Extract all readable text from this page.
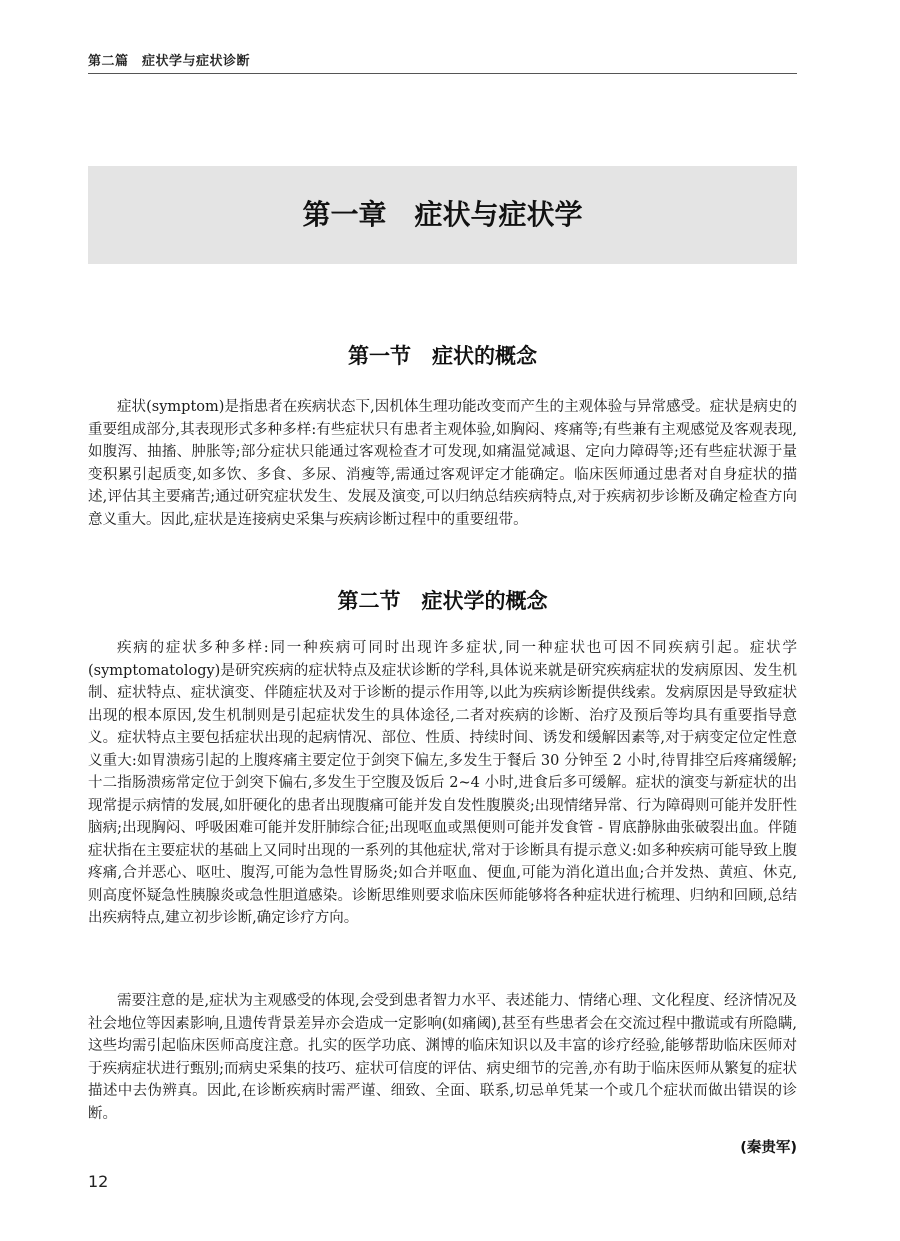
第二篇　症状学与症状诊断
第一章　症状与症状学
第一节　症状的概念

症状(symptom)是指患者在疾病状态下,因机体生理功能改变而产生的主观体验与异常感受。症状是病史的重要组成部分,其表现形式多种多样:有些症状只有患者主观体验,如胸闷、疼痛等;有些兼有主观感觉及客观表现,如腹泻、抽搐、肿胀等;部分症状只能通过客观检查才可发现,如痛温觉减退、定向力障碍等;还有些症状源于量变积累引起质变,如多饮、多食、多尿、消瘦等,需通过客观评定才能确定。临床医师通过患者对自身症状的描述,评估其主要痛苦;通过研究症状发生、发展及演变,可以归纳总结疾病特点,对于疾病初步诊断及确定检查方向意义重大。因此,症状是连接病史采集与疾病诊断过程中的重要纽带。

第二节　症状学的概念

疾病的症状多种多样:同一种疾病可同时出现许多症状,同一种症状也可因不同疾病引起。症状学(symptomatology)是研究疾病的症状特点及症状诊断的学科,具体说来就是研究疾病症状的发病原因、发生机制、症状特点、症状演变、伴随症状及对于诊断的提示作用等,以此为疾病诊断提供线索。发病原因是导致症状出现的根本原因,发生机制则是引起症状发生的具体途径,二者对疾病的诊断、治疗及预后等均具有重要指导意义。症状特点主要包括症状出现的起病情况、部位、性质、持续时间、诱发和缓解因素等,对于病变定位定性意义重大:如胃溃疡引起的上腹疼痛主要定位于剑突下偏左,多发生于餐后 30 分钟至 2 小时,待胃排空后疼痛缓解;十二指肠溃疡常定位于剑突下偏右,多发生于空腹及饭后 2~4 小时,进食后多可缓解。症状的演变与新症状的出现常提示病情的发展,如肝硬化的患者出现腹痛可能并发自发性腹膜炎;出现情绪异常、行为障碍则可能并发肝性脑病;出现胸闷、呼吸困难可能并发肝肺综合征;出现呕血或黑便则可能并发食管 - 胃底静脉曲张破裂出血。伴随症状指在主要症状的基础上又同时出现的一系列的其他症状,常对于诊断具有提示意义:如多种疾病可能导致上腹疼痛,合并恶心、呕吐、腹泻,可能为急性胃肠炎;如合并呕血、便血,可能为消化道出血;合并发热、黄疸、休克,则高度怀疑急性胰腺炎或急性胆道感染。诊断思维则要求临床医师能够将各种症状进行梳理、归纳和回顾,总结出疾病特点,建立初步诊断,确定诊疗方向。

需要注意的是,症状为主观感受的体现,会受到患者智力水平、表述能力、情绪心理、文化程度、经济情况及社会地位等因素影响,且遗传背景差异亦会造成一定影响(如痛阈),甚至有些患者会在交流过程中撒谎或有所隐瞒,这些均需引起临床医师高度注意。扎实的医学功底、渊博的临床知识以及丰富的诊疗经验,能够帮助临床医师对于疾病症状进行甄别;而病史采集的技巧、症状可信度的评估、病史细节的完善,亦有助于临床医师从繁复的症状描述中去伪辨真。因此,在诊断疾病时需严谨、细致、全面、联系,切忌单凭某一个或几个症状而做出错误的诊断。

(秦贵军)
12
